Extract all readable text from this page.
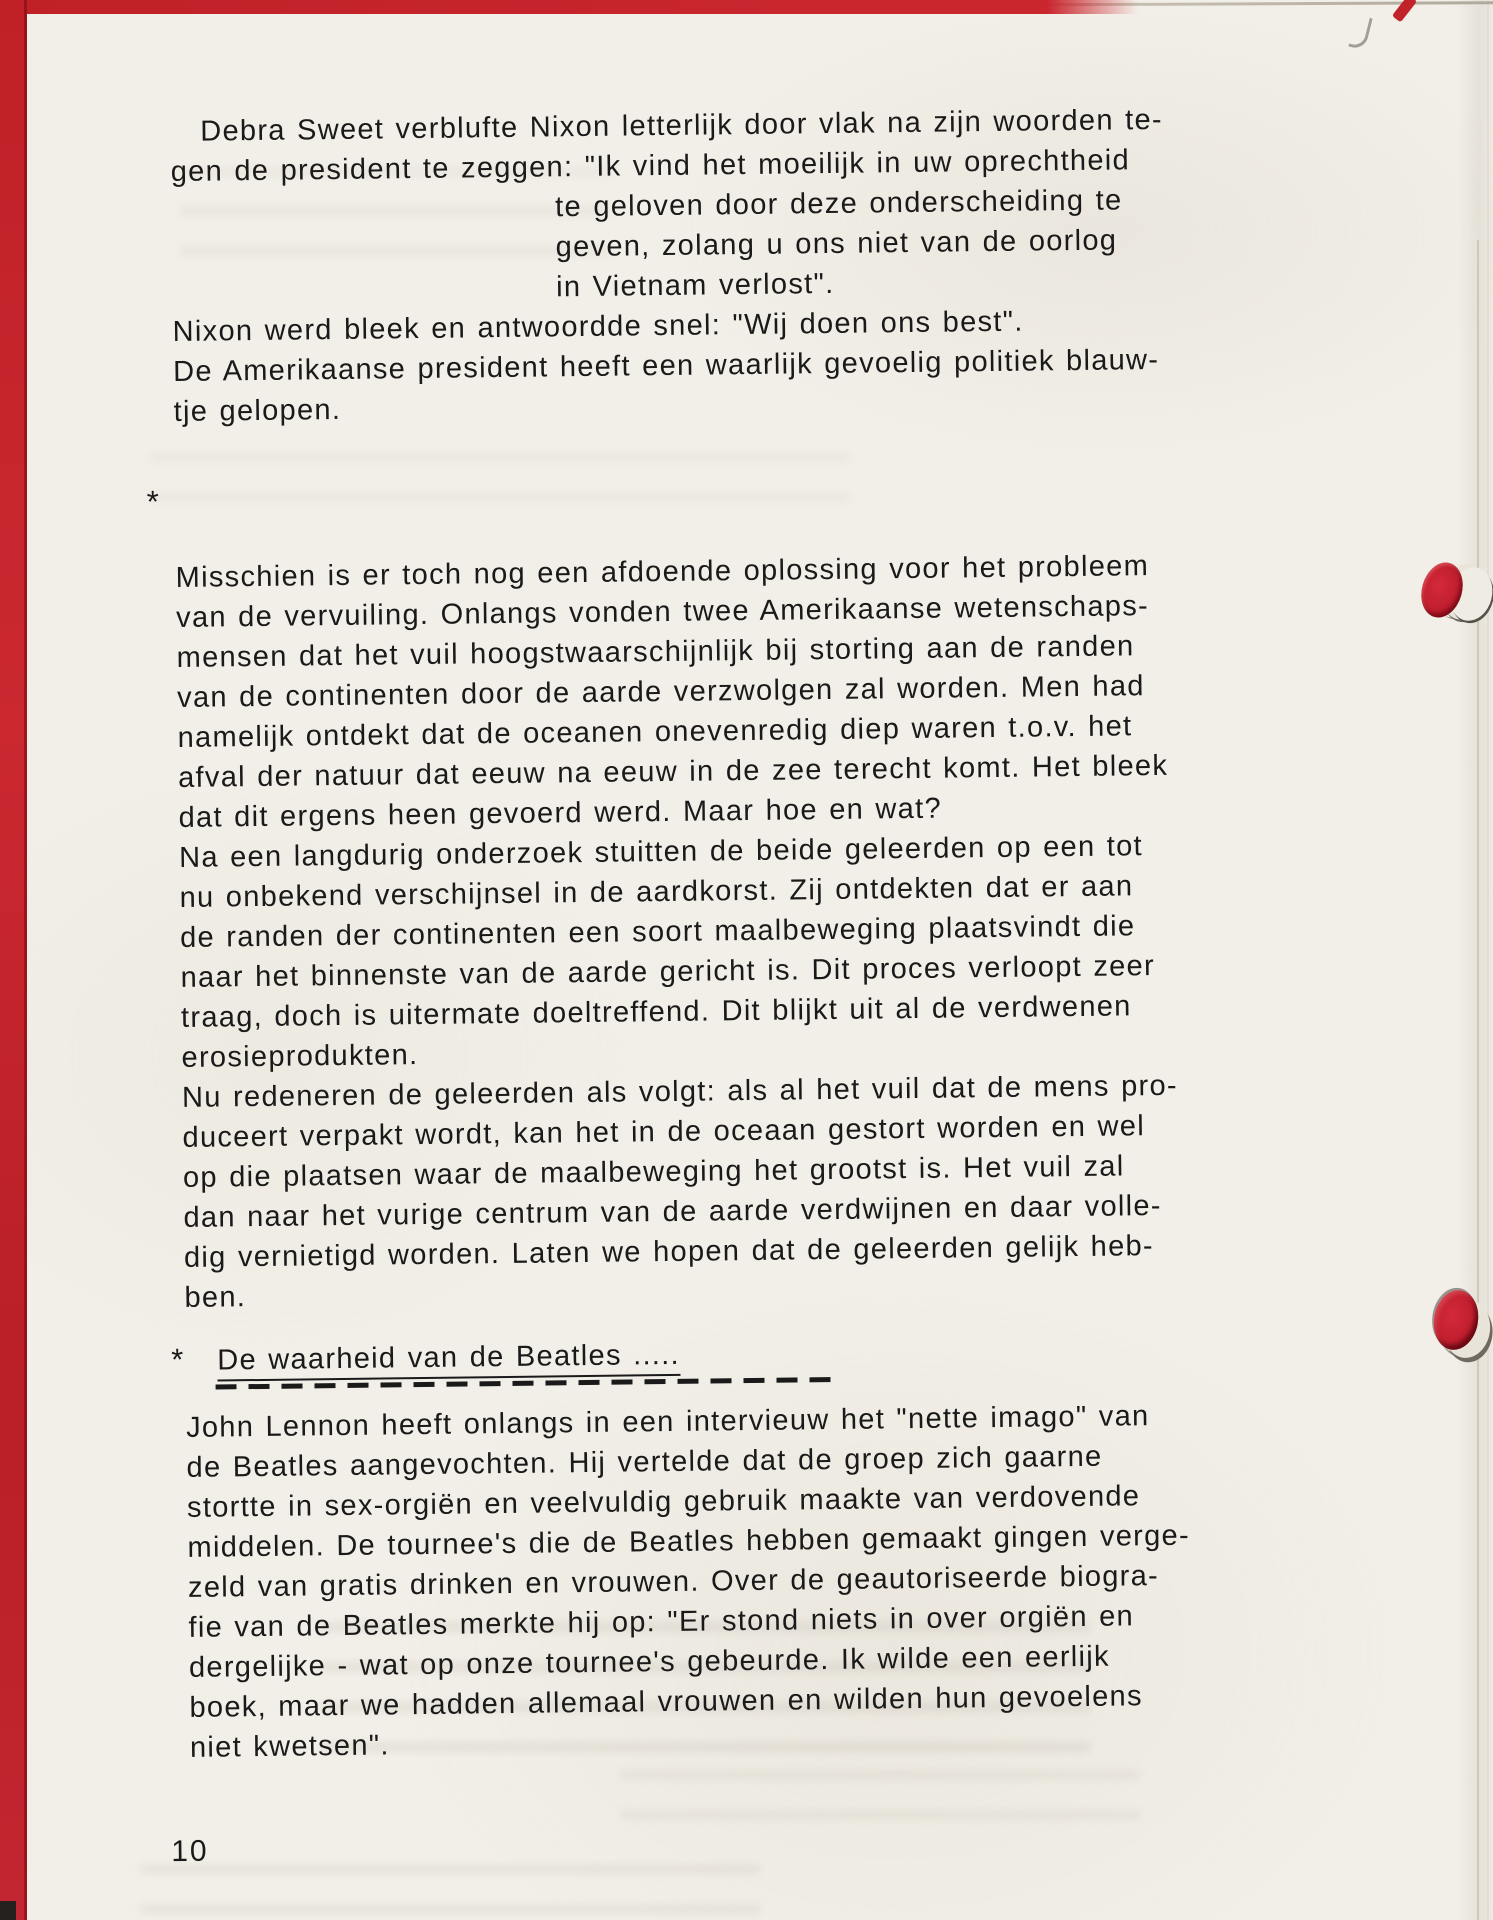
Debra Sweet verblufte Nixon letterlijk door vlak na zijn woorden te-
gen de president te zeggen: "Ik vind het moeilijk in uw oprechtheid
te geloven door deze onderscheiding te
geven, zolang u ons niet van de oorlog
in Vietnam verlost".
Nixon werd bleek en antwoordde snel: "Wij doen ons best".
De Amerikaanse president heeft een waarlijk gevoelig politiek blauw-
tje gelopen.
*
Misschien is er toch nog een afdoende oplossing voor het probleem
van de vervuiling. Onlangs vonden twee Amerikaanse wetenschaps-
mensen dat het vuil hoogstwaarschijnlijk bij storting aan de randen
van de continenten door de aarde verzwolgen zal worden. Men had
namelijk ontdekt dat de oceanen onevenredig diep waren t.o.v. het
afval der natuur dat eeuw na eeuw in de zee terecht komt. Het bleek
dat dit ergens heen gevoerd werd. Maar hoe en wat?
Na een langdurig onderzoek stuitten de beide geleerden op een tot
nu onbekend verschijnsel in de aardkorst. Zij ontdekten dat er aan
de randen der continenten een soort maalbeweging plaatsvindt die
naar het binnenste van de aarde gericht is. Dit proces verloopt zeer
traag, doch is uitermate doeltreffend. Dit blijkt uit al de verdwenen
erosieprodukten.
Nu redeneren de geleerden als volgt: als al het vuil dat de mens pro-
duceert verpakt wordt, kan het in de oceaan gestort worden en wel
op die plaatsen waar de maalbeweging het grootst is. Het vuil zal
dan naar het vurige centrum van de aarde verdwijnen en daar volle-
dig vernietigd worden. Laten we hopen dat de geleerden gelijk heb-
ben.
* De waarheid van de Beatles .....
John Lennon heeft onlangs in een intervieuw het "nette imago" van
de Beatles aangevochten. Hij vertelde dat de groep zich gaarne
stortte in sex-orgiën en veelvuldig gebruik maakte van verdovende
middelen. De tournee's die de Beatles hebben gemaakt gingen verge-
zeld van gratis drinken en vrouwen. Over de geautoriseerde biogra-
fie van de Beatles merkte hij op: "Er stond niets in over orgiën en
dergelijke - wat op onze tournee's gebeurde. Ik wilde een eerlijk
boek, maar we hadden allemaal vrouwen en wilden hun gevoelens
niet kwetsen".
10
